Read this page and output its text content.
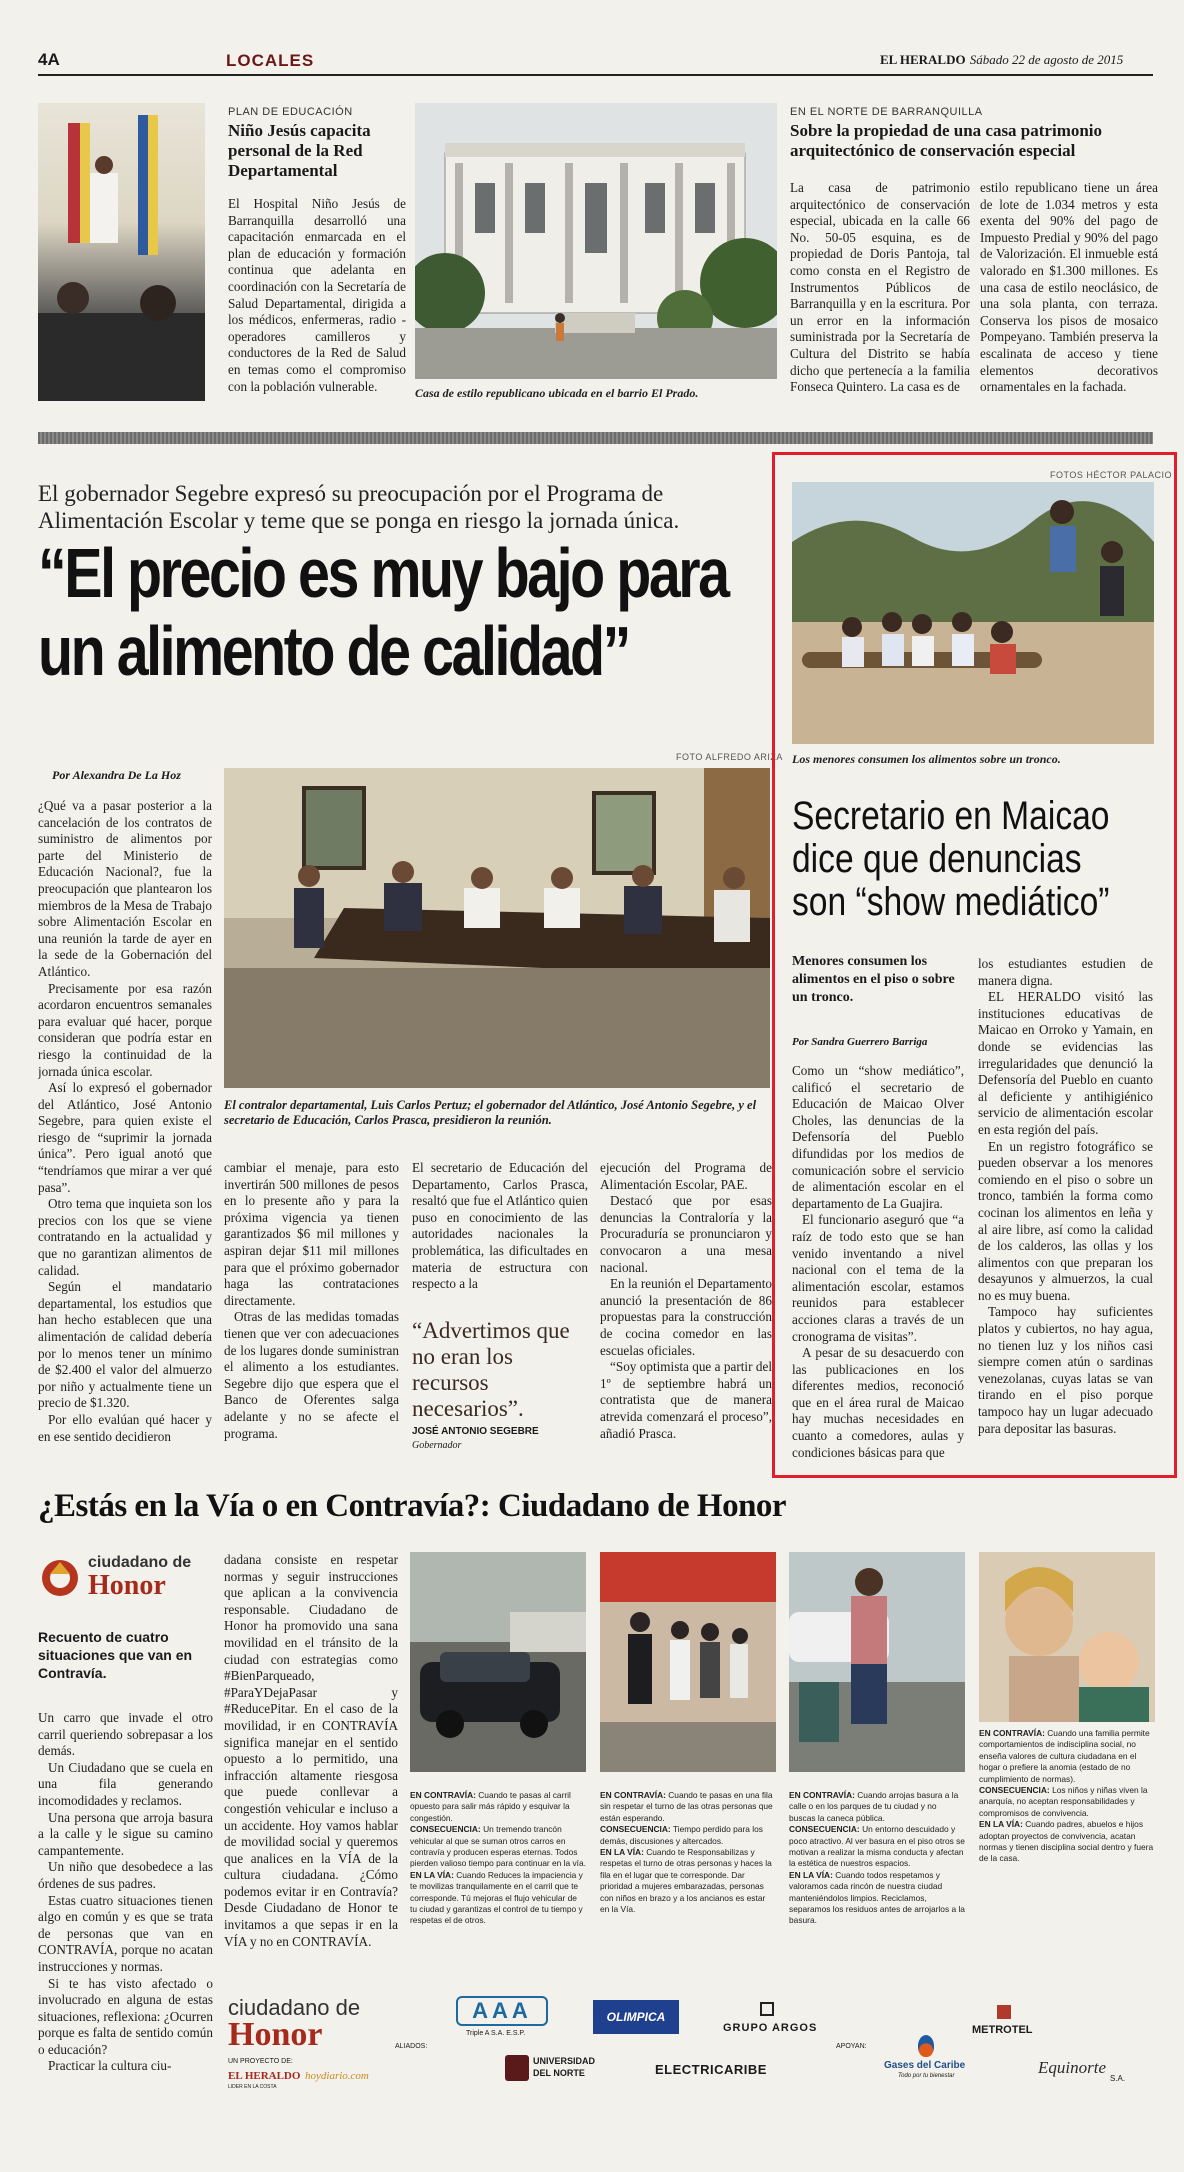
4A	LOCALES	EL HERALDO Sábado 22 de agosto de 2015
PLAN DE EDUCACIÓN
Niño Jesús capacita personal de la Red Departamental
El Hospital Niño Jesús de Barranquilla desarrolló una capacitación enmarcada en el plan de educación y formación continua que adelanta en coordinación con la Secretaría de Salud Departamental, dirigida a los médicos, enfermeras, radio - operadores camilleros y conductores de la Red de Salud en temas como el compromiso con la población vulnerable.	Casa de estilo republicano ubicada en el barrio El Prado.
EN EL NORTE DE BARRANQUILLA
Sobre la propiedad de una casa patrimonio arquitectónico de conservación especial
La casa de patrimonio arquitectónico de conservación especial, ubicada en la calle 66 No. 50-05 esquina, es de propiedad de Doris Pantoja, tal como consta en el Registro de Instrumentos Públicos de Barranquilla y en la escritura. Por un error en la información suministrada por la Secretaría de Cultura del Distrito se había dicho que pertenecía a la familia Fonseca Quintero. La casa es de
estilo republicano tiene un área de lote de 1.034 metros y esta exenta del 90% del pago de Impuesto Predial y 90% del pago de Valorización. El inmueble está valorado en $1.300 millones. Es una casa de estilo neoclásico, de una sola planta, con terraza. Conserva los pisos de mosaico Pompeyano. También preserva la escalinata de acceso y tiene elementos decorativos ornamentales en la fachada.
El gobernador Segebre expresó su preocupación por el Programa de Alimentación Escolar y teme que se ponga en riesgo la jornada única.
“El precio es muy bajo para un alimento de calidad”
Por Alexandra De La Hoz

¿Qué va a pasar posterior a la cancelación de los contratos de suministro de alimentos por parte del Ministerio de Educación Nacional?, fue la preocupación que plantearon los miembros de la Mesa de Trabajo sobre Alimentación Escolar en una reunión la tarde de ayer en la sede de la Gobernación del Atlántico.

Precisamente por esa razón acordaron encuentros semanales para evaluar qué hacer, porque consideran que podría estar en riesgo la continuidad de la jornada única escolar.

Así lo expresó el gobernador del Atlántico, José Antonio Segebre, para quien existe el riesgo de “suprimir la jornada única”. Pero igual anotó que “tendríamos que mirar a ver qué pasa”.

Otro tema que inquieta son los precios con los que se viene contratando en la actualidad y que no garantizan alimentos de calidad.

Según el mandatario departamental, los estudios que han hecho establecen que una alimentación de calidad debería por lo menos tener un mínimo de $2.400 el valor del almuerzo por niño y actualmente tiene un precio de $1.320.

Por ello evalúan qué hacer y en ese sentido decidieron

FOTO ALFREDO ARIZA
El contralor departamental, Luis Carlos Pertuz; el gobernador del Atlántico, José Antonio Segebre, y el secretario de Educación, Carlos Prasca, presidieron la reunión.

cambiar el menaje, para esto invertirán 500 millones de pesos en lo presente año y para la próxima vigencia ya tienen garantizados $6 mil millones y aspiran dejar $11 mil millones para que el próximo gobernador haga las contrataciones directamente.

Otras de las medidas tomadas tienen que ver con adecuaciones de los lugares donde suministran el alimento a los estudiantes. Segebre dijo que espera que el Banco de Oferentes salga adelante y no se afecte el programa.

El secretario de Educación del Departamento, Carlos Prasca, resaltó que fue el Atlántico quien puso en conocimiento de las autoridades nacionales la problemática, las dificultades en materia de estructura con respecto a la
“Advertimos que no eran los recursos necesarios”.
JOSÉ ANTONIO SEGEBRE
Gobernador

ejecución del Programa de Alimentación Escolar, PAE.

Destacó que por esas denuncias la Contraloría y la Procuraduría se pronunciaron y convocaron a una mesa nacional.

En la reunión el Departamento anunció la presentación de 86 propuestas para la construcción de cocina comedor en las escuelas oficiales.

“Soy optimista que a partir del 1º de septiembre habrá un contratista que de manera atrevida comenzará el proceso”, añadió Prasca.

FOTOS HÉCTOR PALACIO
Los menores consumen los alimentos sobre un tronco.
Secretario en Maicao dice que denuncias son “show mediático”
Menores consumen los alimentos en el piso o sobre un tronco.
Por Sandra Guerrero Barriga

Como un “show mediático”, calificó el secretario de Educación de Maicao Olver Choles, las denuncias de la Defensoría del Pueblo difundidas por los medios de comunicación sobre el servicio de alimentación escolar en el departamento de La Guajira.

El funcionario aseguró que “a raíz de todo esto que se han venido inventando a nivel nacional con el tema de la alimentación escolar, estamos reunidos para establecer acciones claras a través de un cronograma de visitas”.

A pesar de su desacuerdo con las publicaciones en los diferentes medios, reconoció que en el área rural de Maicao hay muchas necesidades en cuanto a comedores, aulas y condiciones básicas para que

los estudiantes estudien de manera digna.

EL HERALDO visitó las instituciones educativas de Maicao en Orroko y Yamain, en donde se evidencias las irregularidades que denunció la Defensoría del Pueblo en cuanto al deficiente y antihigiénico servicio de alimentación escolar en esta región del país.

En un registro fotográfico se pueden observar a los menores comiendo en el piso o sobre un tronco, también la forma como cocinan los alimentos en leña y al aire libre, así como la calidad de los calderos, las ollas y los alimentos con que preparan los desayunos y almuerzos, la cual no es muy buena.

Tampoco hay suficientes platos y cubiertos, no hay agua, no tienen luz y los niños casi siempre comen atún o sardinas venezolanas, cuyas latas se van tirando en el piso porque tampoco hay un lugar adecuado para depositar las basuras.

¿Estás en la Vía o en Contravía?: Ciudadano de Honor
ciudadano de
Honor
Recuento de cuatro situaciones que van en Contravía.

Un carro que invade el otro carril queriendo sobrepasar a los demás.

Un Ciudadano que se cuela en una fila generando incomodidades y reclamos.

Una persona que arroja basura a la calle y le sigue su camino campantemente.

Un niño que desobedece a las órdenes de sus padres.

Estas cuatro situaciones tienen algo en común y es que se trata de personas que van en CONTRAVÍA, porque no acatan instrucciones y normas.

Si te has visto afectado o involucrado en alguna de estas situaciones, reflexiona: ¿Ocurren porque es falta de sentido común o educación?

Practicar la cultura ciu-

dadana consiste en respetar normas y seguir instrucciones que aplican a la convivencia responsable. Ciudadano de Honor ha promovido una sana movilidad en el tránsito de la ciudad con estrategias como #BienParqueado, #ParaYDejaPasar y #ReducePitar. En el caso de la movilidad, ir en CONTRAVÍA significa manejar en el sentido opuesto a lo permitido, una infracción altamente riesgosa que puede conllevar a congestión vehicular e incluso a un accidente. Hoy vamos hablar de movilidad social y queremos que analices en la VÍA de la cultura ciudadana. ¿Cómo podemos evitar ir en Contravía? Desde Ciudadano de Honor te invitamos a que sepas ir en la VÍA y no en CONTRAVÍA.
EN CONTRAVÍA: Cuando te pasas al carril opuesto para salir más rápido y esquivar la congestión.
CONSECUENCIA: Un tremendo trancón vehicular al que se suman otros carros en contravía y producen esperas eternas. Todos pierden valioso tiempo para continuar en la vía.
EN LA VÍA: Cuando Reduces la impaciencia y te movilizas tranquilamente en el carril que te corresponde. Tú mejoras el flujo vehicular de tu ciudad y garantizas el control de tu tiempo y respetas el de otros.
EN CONTRAVÍA: Cuando te pasas en una fila sin respetar el turno de las otras personas que están esperando.
CONSECUENCIA: Tiempo perdido para los demás, discusiones y altercados.
EN LA VÍA: Cuando te Responsabilizas y respetas el turno de otras personas y haces la fila en el lugar que te corresponde. Dar prioridad a mujeres embarazadas, personas con niños en brazo y a los ancianos es estar en la Vía.
EN CONTRAVÍA: Cuando arrojas basura a la calle o en los parques de tu ciudad y no buscas la caneca pública.
CONSECUENCIA: Un entorno descuidado y poco atractivo. Al ver basura en el piso otros se motivan a realizar la misma conducta y afectan la estética de nuestros espacios.
EN LA VÍA: Cuando todos respetamos y valoramos cada rincón de nuestra ciudad manteniéndolos limpios. Reciclamos, separamos los residuos antes de arrojarlos a la basura.
EN CONTRAVÍA: Cuando una familia permite comportamientos de indisciplina social, no enseña valores de cultura ciudadana en el hogar o prefiere la anomia (estado de no cumplimiento de normas).
CONSECUENCIA: Los niños y niñas viven la anarquía, no aceptan responsabilidades y compromisos de convivencia.
EN LA VÍA: Cuando padres, abuelos e hijos adoptan proyectos de convivencia, acatan normas y tienen disciplina social dentro y fuera de la casa.
ciudadano de
Honor
UN PROYECTO DE:
EL HERALDO
LIDER EN LA COSTA
hoydiario.com
ALIADOS:
AAA
Triple A S.A. E.S.P.
OLIMPICA
GRUPO ARGOS
UNIVERSIDAD
DEL NORTE	ELECTRICARIBE
APOYAN:
METROTEL
Gases del Caribe
Todo por tu bienestar	Equinorte
S.A.
